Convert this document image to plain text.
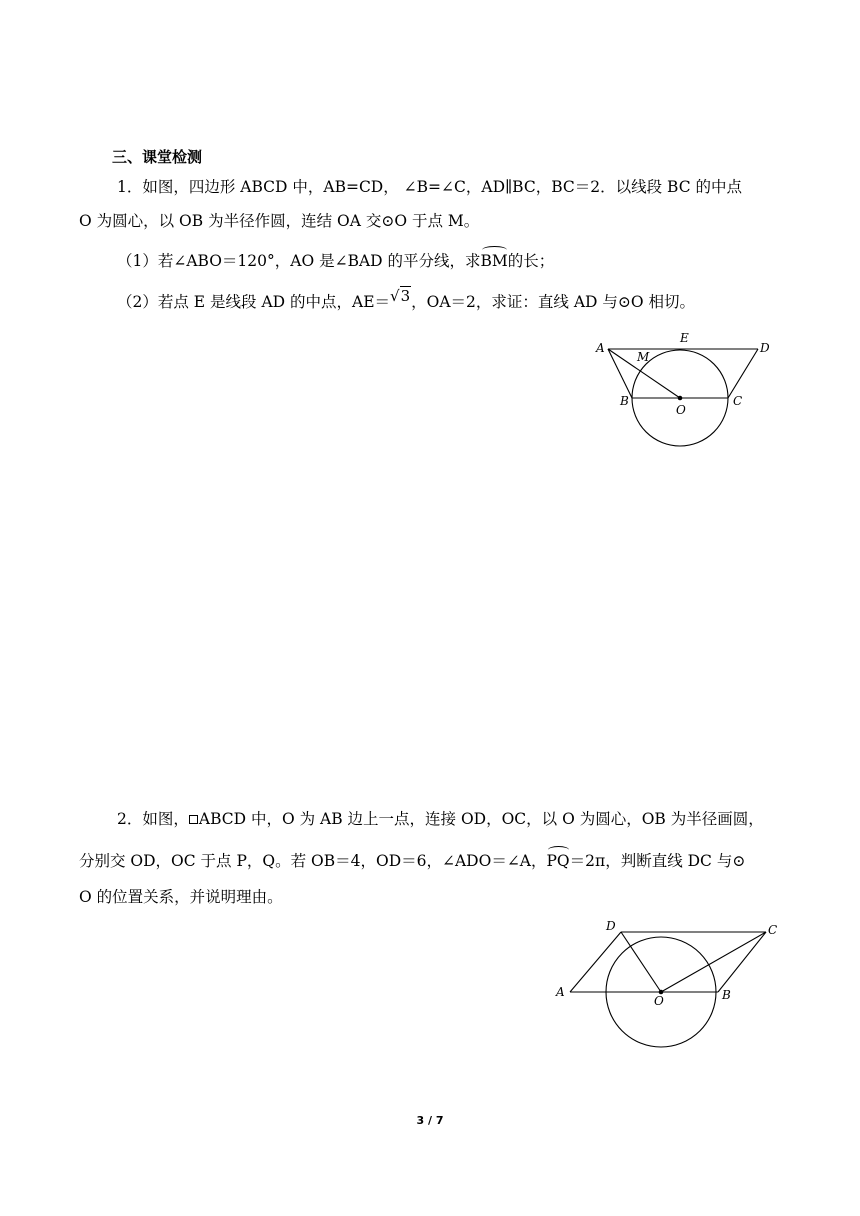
三、课堂检测
1．如图，四边形 ABCD 中，AB=CD， ∠B=∠C，AD∥BC，BC＝2．以线段 BC 的中点
O 为圆心，以 OB 为半径作圆，连结 OA 交⊙O 于点 M。
（1）若∠ABO＝120°，AO 是∠BAD 的平分线，求BM的长；
（2）若点 E 是线段 AD 的中点，AE＝√3，OA＝2，求证：直线 AD 与⊙O 相切。
A
M
E
D
B
O
C
2．如图， ABCD 中，O 为 AB 边上一点，连接 OD，OC，以 O 为圆心，OB 为半径画圆，
分别交 OD，OC 于点 P，Q。若 OB＝4，OD＝6，∠ADO＝∠A，PQ＝2π，判断直线 DC 与⊙
O 的位置关系，并说明理由。
D	C
A
O	B
3 / 7
